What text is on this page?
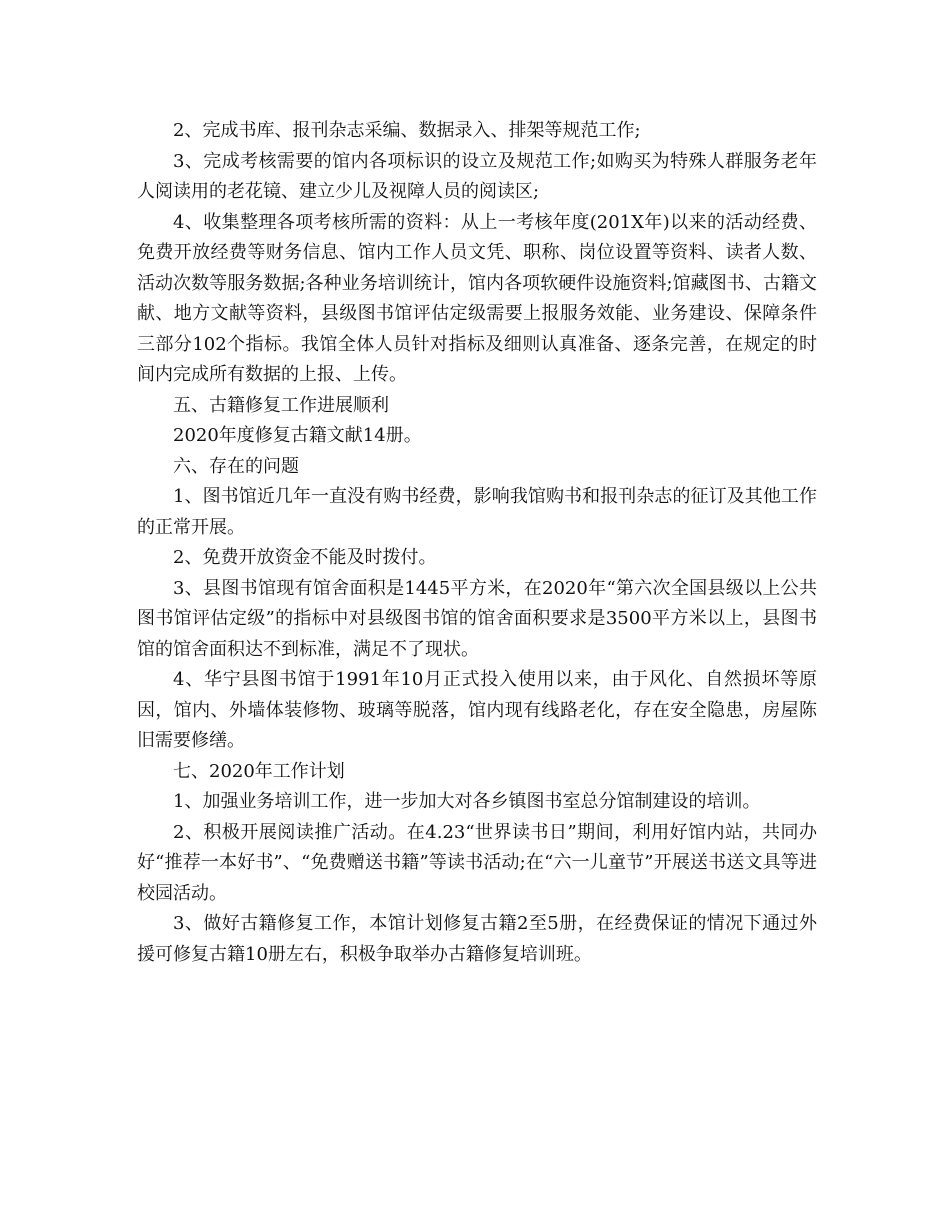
2、完成书库、报刊杂志采编、数据录入、排架等规范工作;

3、完成考核需要的馆内各项标识的设立及规范工作;如购买为特殊人群服务老年人阅读用的老花镜、建立少儿及视障人员的阅读区;

4、收集整理各项考核所需的资料：从上一考核年度(201X年)以来的活动经费、免费开放经费等财务信息、馆内工作人员文凭、职称、岗位设置等资料、读者人数、活动次数等服务数据;各种业务培训统计，馆内各项软硬件设施资料;馆藏图书、古籍文献、地方文献等资料，县级图书馆评估定级需要上报服务效能、业务建设、保障条件三部分102个指标。我馆全体人员针对指标及细则认真准备、逐条完善，在规定的时间内完成所有数据的上报、上传。

五、古籍修复工作进展顺利

2020年度修复古籍文献14册。

六、存在的问题

1、图书馆近几年一直没有购书经费，影响我馆购书和报刊杂志的征订及其他工作的正常开展。

2、免费开放资金不能及时拨付。

3、县图书馆现有馆舍面积是1445平方米，在2020年“第六次全国县级以上公共图书馆评估定级”的指标中对县级图书馆的馆舍面积要求是3500平方米以上，县图书馆的馆舍面积达不到标准，满足不了现状。

4、华宁县图书馆于1991年10月正式投入使用以来，由于风化、自然损坏等原因，馆内、外墙体装修物、玻璃等脱落，馆内现有线路老化，存在安全隐患，房屋陈旧需要修缮。

七、2020年工作计划

1、加强业务培训工作，进一步加大对各乡镇图书室总分馆制建设的培训。

2、积极开展阅读推广活动。在4.23“世界读书日”期间，利用好馆内站，共同办好“推荐一本好书”、“免费赠送书籍”等读书活动;在“六一儿童节”开展送书送文具等进校园活动。

3、做好古籍修复工作，本馆计划修复古籍2至5册，在经费保证的情况下通过外援可修复古籍10册左右，积极争取举办古籍修复培训班。
